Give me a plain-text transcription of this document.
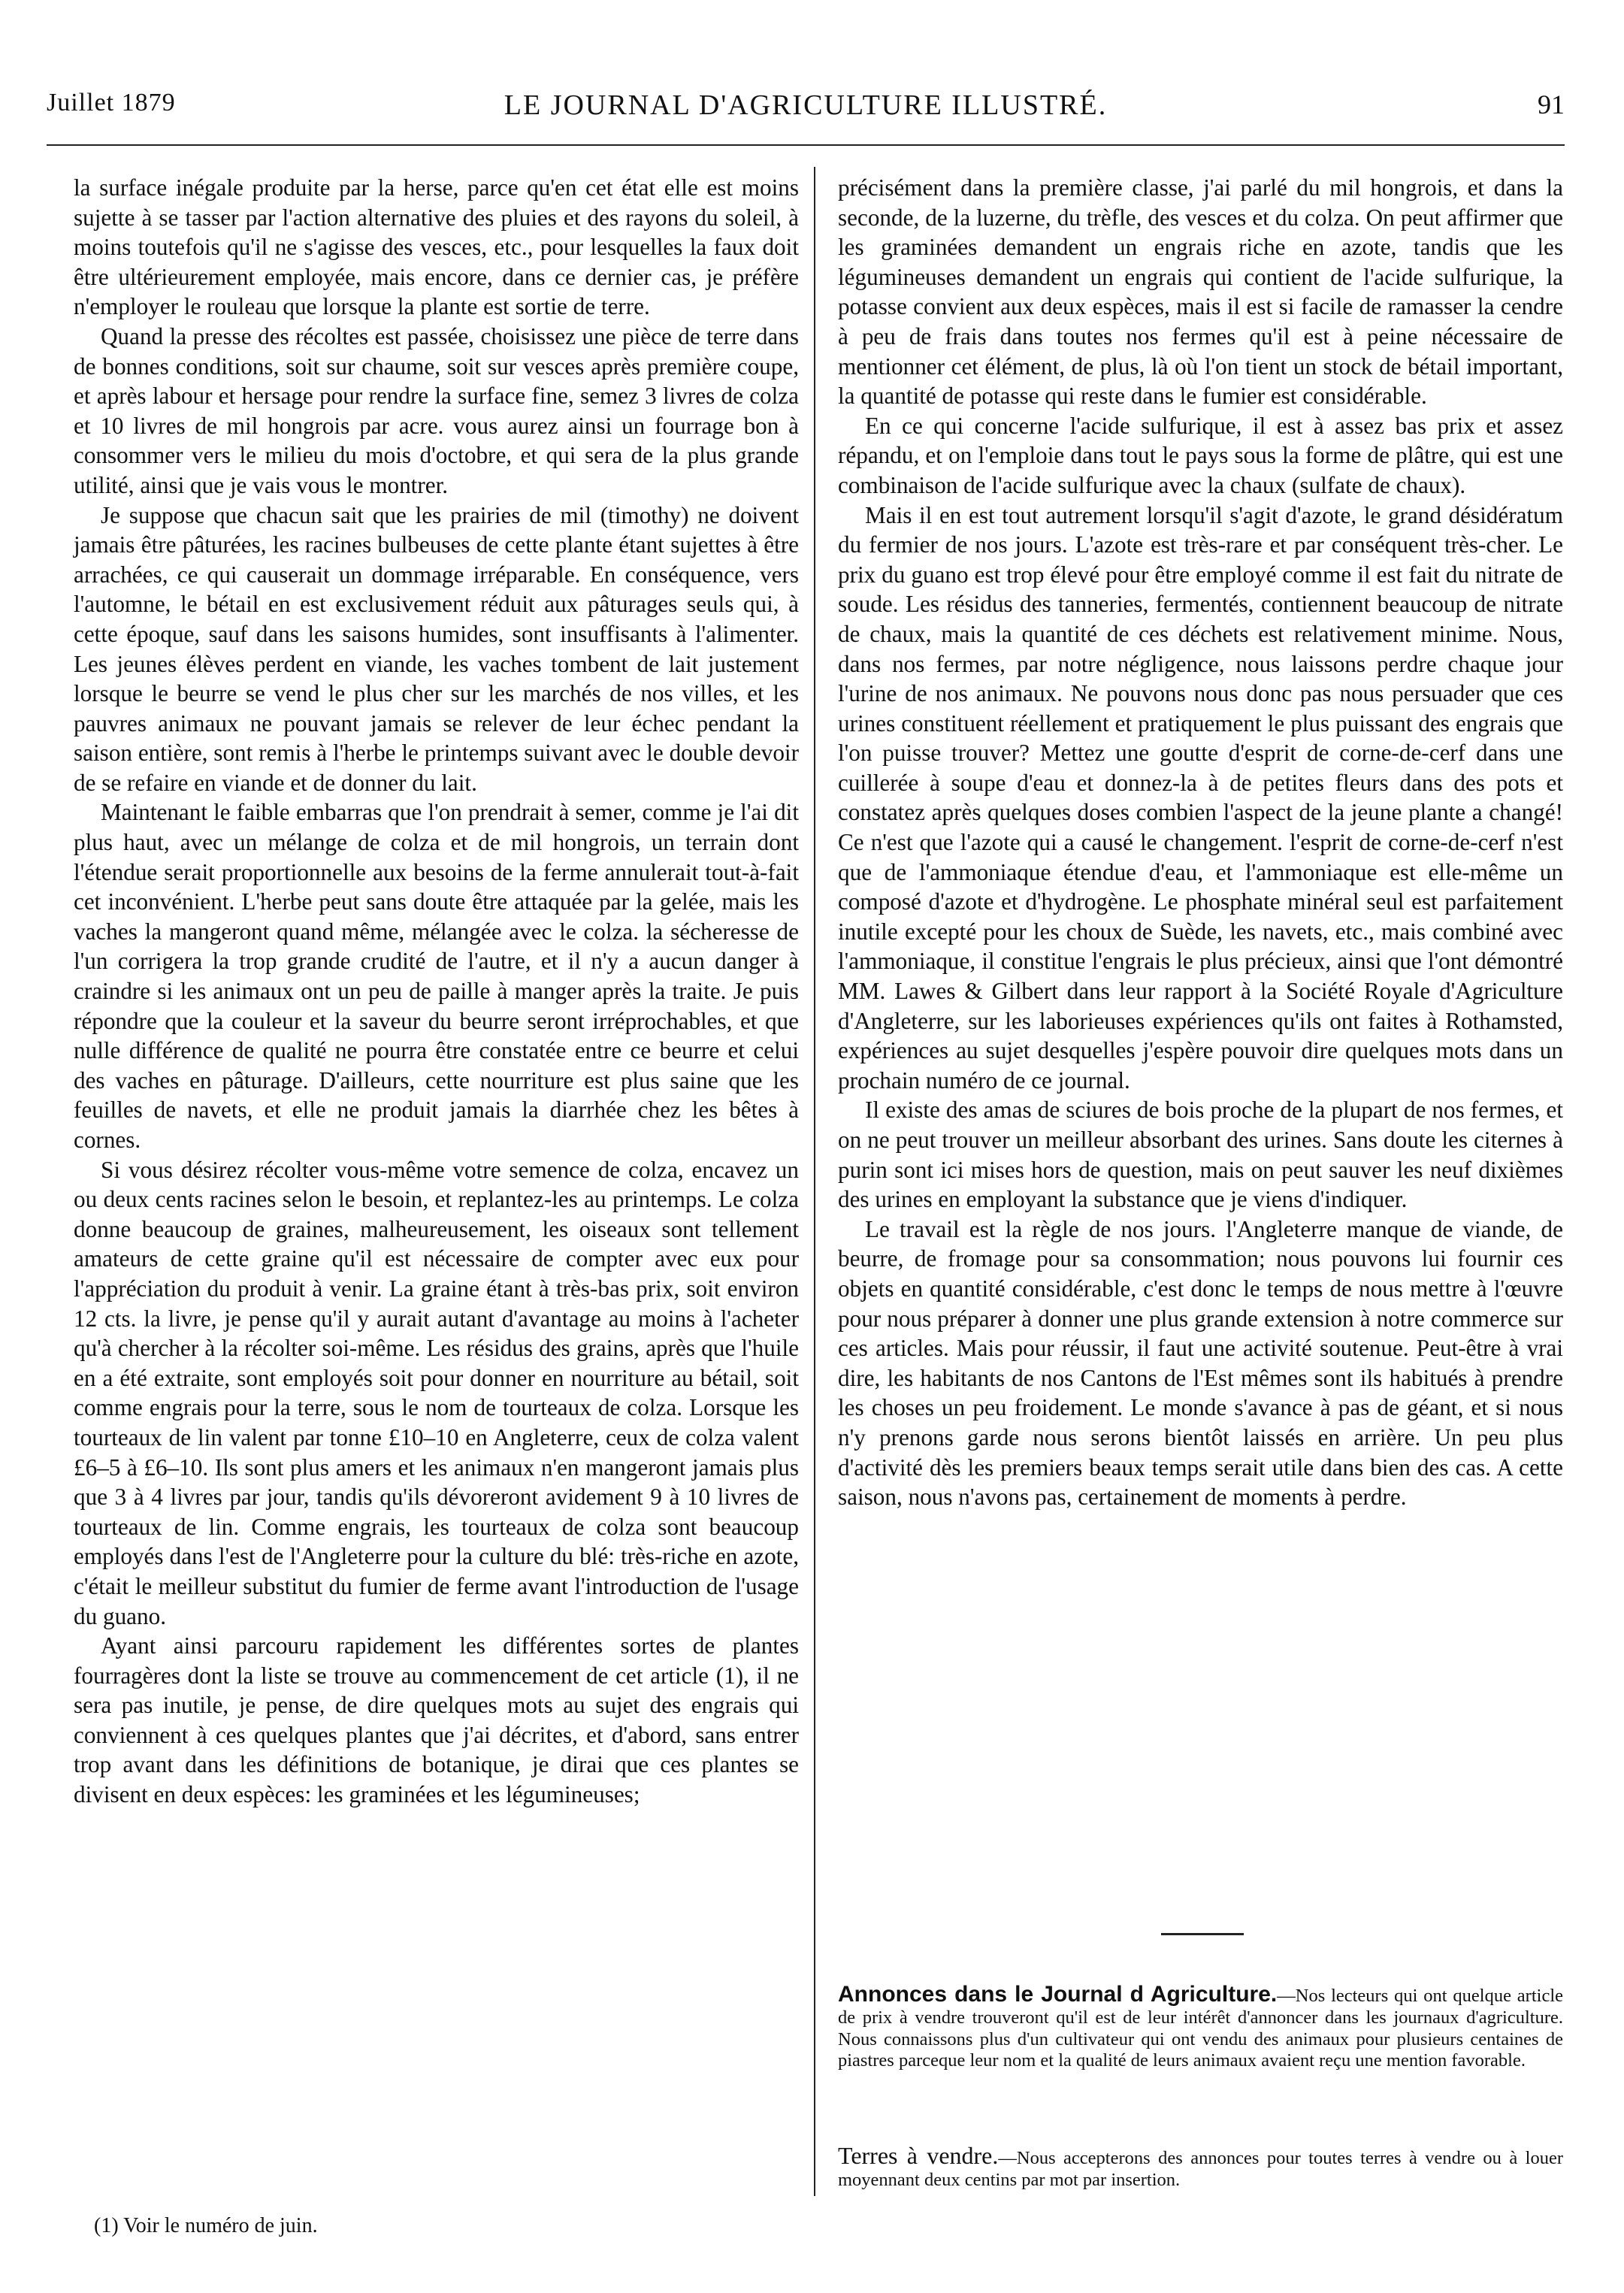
LE JOURNAL D'AGRICULTURE ILLUSTRÉ.
Juillet 1879	91

la surface inégale produite par la herse, parce qu'en cet état elle est moins sujette à se tasser par l'action alternative des pluies et des rayons du soleil, à moins toutefois qu'il ne s'agisse des vesces, etc., pour lesquelles la faux doit être ultérieurement employée, mais encore, dans ce dernier cas, je préfère n'employer le rouleau que lorsque la plante est sortie de terre.

Quand la presse des récoltes est passée, choisissez une pièce de terre dans de bonnes conditions, soit sur chaume, soit sur vesces après première coupe, et après labour et hersage pour rendre la surface fine, semez 3 livres de colza et 10 livres de mil hongrois par acre. vous aurez ainsi un fourrage bon à consommer vers le milieu du mois d'octobre, et qui sera de la plus grande utilité, ainsi que je vais vous le montrer.

Je suppose que chacun sait que les prairies de mil (timothy) ne doivent jamais être pâturées, les racines bulbeuses de cette plante étant sujettes à être arrachées, ce qui causerait un dommage irréparable. En conséquence, vers l'automne, le bétail en est exclusivement réduit aux pâturages seuls qui, à cette époque, sauf dans les saisons humides, sont insuffisants à l'alimenter. Les jeunes élèves perdent en viande, les vaches tombent de lait justement lorsque le beurre se vend le plus cher sur les marchés de nos villes, et les pauvres animaux ne pouvant jamais se relever de leur échec pendant la saison entière, sont remis à l'herbe le printemps suivant avec le double devoir de se refaire en viande et de donner du lait.

Maintenant le faible embarras que l'on prendrait à semer, comme je l'ai dit plus haut, avec un mélange de colza et de mil hongrois, un terrain dont l'étendue serait proportionnelle aux besoins de la ferme annulerait tout-à-fait cet inconvénient. L'herbe peut sans doute être attaquée par la gelée, mais les vaches la mangeront quand même, mélangée avec le colza. la sécheresse de l'un corrigera la trop grande crudité de l'autre, et il n'y a aucun danger à craindre si les animaux ont un peu de paille à manger après la traite. Je puis répondre que la couleur et la saveur du beurre seront irréprochables, et que nulle différence de qualité ne pourra être constatée entre ce beurre et celui des vaches en pâturage. D'ailleurs, cette nourriture est plus saine que les feuilles de navets, et elle ne produit jamais la diarrhée chez les bêtes à cornes.

Si vous désirez récolter vous-même votre semence de colza, encavez un ou deux cents racines selon le besoin, et replantez-les au printemps. Le colza donne beaucoup de graines, malheureusement, les oiseaux sont tellement amateurs de cette graine qu'il est nécessaire de compter avec eux pour l'appréciation du produit à venir. La graine étant à très-bas prix, soit environ 12 cts. la livre, je pense qu'il y aurait autant d'avantage au moins à l'acheter qu'à chercher à la récolter soi-même. Les résidus des grains, après que l'huile en a été extraite, sont employés soit pour donner en nourriture au bétail, soit comme engrais pour la terre, sous le nom de tourteaux de colza. Lorsque les tourteaux de lin valent par tonne £10–10 en Angleterre, ceux de colza valent £6–5 à £6–10. Ils sont plus amers et les animaux n'en mangeront jamais plus que 3 à 4 livres par jour, tandis qu'ils dévoreront avidement 9 à 10 livres de tourteaux de lin. Comme engrais, les tourteaux de colza sont beaucoup employés dans l'est de l'Angleterre pour la culture du blé: très-riche en azote, c'était le meilleur substitut du fumier de ferme avant l'introduction de l'usage du guano.

Ayant ainsi parcouru rapidement les différentes sortes de plantes fourragères dont la liste se trouve au commencement de cet article (1), il ne sera pas inutile, je pense, de dire quelques mots au sujet des engrais qui conviennent à ces quelques plantes que j'ai décrites, et d'abord, sans entrer trop avant dans les définitions de botanique, je dirai que ces plantes se divisent en deux espèces: les graminées et les légumineuses;

précisément dans la première classe, j'ai parlé du mil hongrois, et dans la seconde, de la luzerne, du trèfle, des vesces et du colza. On peut affirmer que les graminées demandent un engrais riche en azote, tandis que les légumineuses demandent un engrais qui contient de l'acide sulfurique, la potasse convient aux deux espèces, mais il est si facile de ramasser la cendre à peu de frais dans toutes nos fermes qu'il est à peine nécessaire de mentionner cet élément, de plus, là où l'on tient un stock de bétail important, la quantité de potasse qui reste dans le fumier est considérable.

En ce qui concerne l'acide sulfurique, il est à assez bas prix et assez répandu, et on l'emploie dans tout le pays sous la forme de plâtre, qui est une combinaison de l'acide sulfurique avec la chaux (sulfate de chaux).

Mais il en est tout autrement lorsqu'il s'agit d'azote, le grand désidératum du fermier de nos jours. L'azote est très-rare et par conséquent très-cher. Le prix du guano est trop élevé pour être employé comme il est fait du nitrate de soude. Les résidus des tanneries, fermentés, contiennent beaucoup de nitrate de chaux, mais la quantité de ces déchets est relativement minime. Nous, dans nos fermes, par notre négligence, nous laissons perdre chaque jour l'urine de nos animaux. Ne pouvons nous donc pas nous persuader que ces urines constituent réellement et pratiquement le plus puissant des engrais que l'on puisse trouver? Mettez une goutte d'esprit de corne-de-cerf dans une cuillerée à soupe d'eau et donnez-la à de petites fleurs dans des pots et constatez après quelques doses combien l'aspect de la jeune plante a changé! Ce n'est que l'azote qui a causé le changement. l'esprit de corne-de-cerf n'est que de l'ammoniaque étendue d'eau, et l'ammoniaque est elle-même un composé d'azote et d'hydrogène. Le phosphate minéral seul est parfaitement inutile excepté pour les choux de Suède, les navets, etc., mais combiné avec l'ammoniaque, il constitue l'engrais le plus précieux, ainsi que l'ont démontré MM. Lawes & Gilbert dans leur rapport à la Société Royale d'Agriculture d'Angleterre, sur les laborieuses expériences qu'ils ont faites à Rothamsted, expériences au sujet desquelles j'espère pouvoir dire quelques mots dans un prochain numéro de ce journal.

Il existe des amas de sciures de bois proche de la plupart de nos fermes, et on ne peut trouver un meilleur absorbant des urines. Sans doute les citernes à purin sont ici mises hors de question, mais on peut sauver les neuf dixièmes des urines en employant la substance que je viens d'indiquer.

Le travail est la règle de nos jours. l'Angleterre manque de viande, de beurre, de fromage pour sa consommation; nous pouvons lui fournir ces objets en quantité considérable, c'est donc le temps de nous mettre à l'œuvre pour nous préparer à donner une plus grande extension à notre commerce sur ces articles. Mais pour réussir, il faut une activité soutenue. Peut-être à vrai dire, les habitants de nos Cantons de l'Est mêmes sont ils habitués à prendre les choses un peu froidement. Le monde s'avance à pas de géant, et si nous n'y prenons garde nous serons bientôt laissés en arrière. Un peu plus d'activité dès les premiers beaux temps serait utile dans bien des cas. A cette saison, nous n'avons pas, certainement de moments à perdre.

(1) Voir le numéro de juin.
Annonces dans le Journal d Agriculture.—Nos lecteurs qui ont quelque article de prix à vendre trouveront qu'il est de leur intérêt d'annoncer dans les journaux d'agriculture. Nous connaissons plus d'un cultivateur qui ont vendu des animaux pour plusieurs centaines de piastres parceque leur nom et la qualité de leurs animaux avaient reçu une mention favorable.
Terres à vendre.—Nous accepterons des annonces pour toutes terres à vendre ou à louer moyennant deux centins par mot par insertion.
